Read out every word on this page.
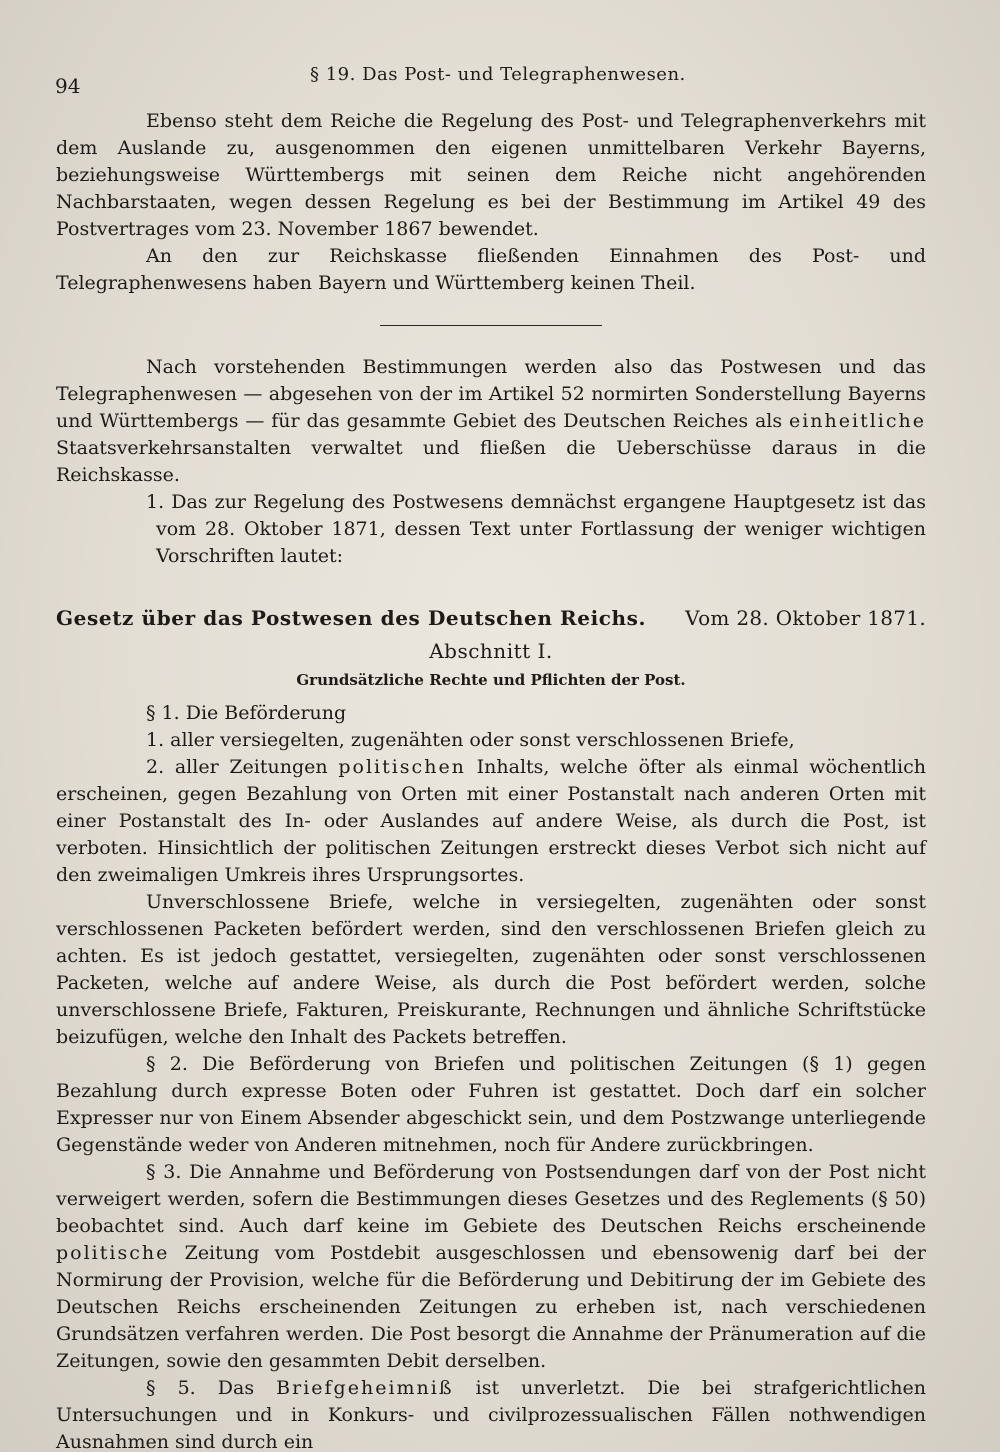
94	§ 19. Das Post- und Telegraphenwesen.

Ebenso steht dem Reiche die Regelung des Post- und Telegraphenverkehrs mit dem Auslande zu, ausgenommen den eigenen unmittelbaren Verkehr Bayerns, beziehungsweise Württembergs mit seinen dem Reiche nicht angehörenden Nachbarstaaten, wegen dessen Regelung es bei der Bestimmung im Artikel 49 des Postvertrages vom 23. November 1867 bewendet.

An den zur Reichskasse fließenden Einnahmen des Post- und Telegraphenwesens haben Bayern und Württemberg keinen Theil.

Nach vorstehenden Bestimmungen werden also das Postwesen und das Telegraphenwesen — abgesehen von der im Artikel 52 normirten Sonderstellung Bayerns und Württembergs — für das gesammte Gebiet des Deutschen Reiches als einheitliche Staatsverkehrsanstalten verwaltet und fließen die Ueberschüsse daraus in die Reichskasse.

1. Das zur Regelung des Postwesens demnächst ergangene Hauptgesetz ist das vom 28. Oktober 1871, dessen Text unter Fortlassung der weniger wichtigen Vorschriften lautet:

Gesetz über das Postwesen des Deutschen Reichs. Vom 28. Oktober 1871.
Abschnitt I.
Grundsätzliche Rechte und Pflichten der Post.

§ 1. Die Beförderung

1. aller versiegelten, zugenähten oder sonst verschlossenen Briefe,

2. aller Zeitungen politischen Inhalts, welche öfter als einmal wöchentlich erscheinen, gegen Bezahlung von Orten mit einer Postanstalt nach anderen Orten mit einer Postanstalt des In- oder Auslandes auf andere Weise, als durch die Post, ist verboten. Hinsichtlich der politischen Zeitungen erstreckt dieses Verbot sich nicht auf den zweimaligen Umkreis ihres Ursprungsortes.

Unverschlossene Briefe, welche in versiegelten, zugenähten oder sonst verschlossenen Packeten befördert werden, sind den verschlossenen Briefen gleich zu achten. Es ist jedoch gestattet, versiegelten, zugenähten oder sonst verschlossenen Packeten, welche auf andere Weise, als durch die Post befördert werden, solche unverschlossene Briefe, Fakturen, Preiskurante, Rechnungen und ähnliche Schriftstücke beizufügen, welche den Inhalt des Packets betreffen.

§ 2. Die Beförderung von Briefen und politischen Zeitungen (§ 1) gegen Bezahlung durch expresse Boten oder Fuhren ist gestattet. Doch darf ein solcher Expresser nur von Einem Absender abgeschickt sein, und dem Postzwange unterliegende Gegenstände weder von Anderen mitnehmen, noch für Andere zurückbringen.

§ 3. Die Annahme und Beförderung von Postsendungen darf von der Post nicht verweigert werden, sofern die Bestimmungen dieses Gesetzes und des Reglements (§ 50) beobachtet sind. Auch darf keine im Gebiete des Deutschen Reichs erscheinende politische Zeitung vom Postdebit ausgeschlossen und ebensowenig darf bei der Normirung der Provision, welche für die Beförderung und Debitirung der im Gebiete des Deutschen Reichs erscheinenden Zeitungen zu erheben ist, nach verschiedenen Grundsätzen verfahren werden. Die Post besorgt die Annahme der Pränumeration auf die Zeitungen, sowie den gesammten Debit derselben.

§ 5. Das Briefgeheimniß ist unverletzt. Die bei strafgerichtlichen Untersuchungen und in Konkurs- und civilprozessualischen Fällen nothwendigen Ausnahmen sind durch ein
